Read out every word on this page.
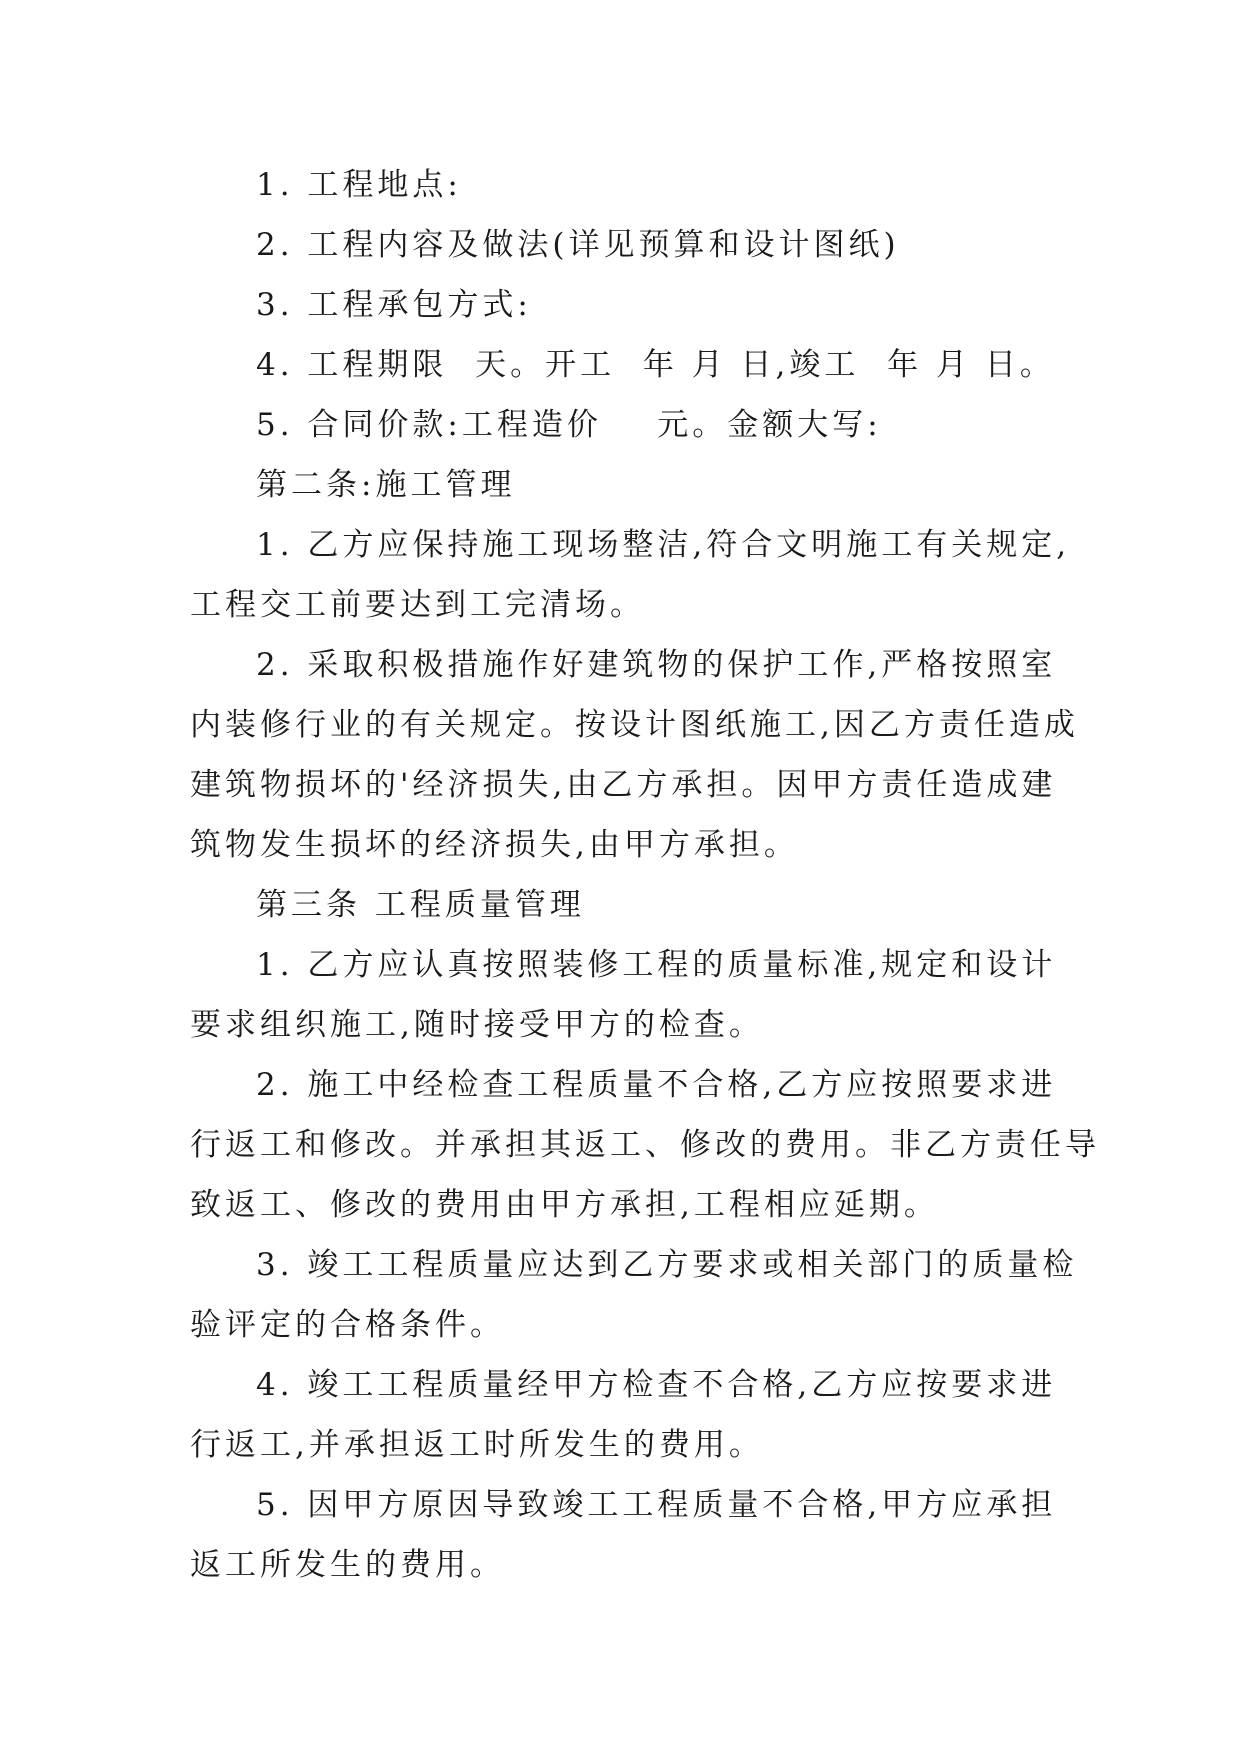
1. 工程地点:
2. 工程内容及做法(详见预算和设计图纸)
3. 工程承包方式:
4. 工程期限  天。开工  年 月 日,竣工  年 月 日。
5. 合同价款:工程造价    元。金额大写:
第二条:施工管理
1. 乙方应保持施工现场整洁,符合文明施工有关规定,
工程交工前要达到工完清场。
2. 采取积极措施作好建筑物的保护工作,严格按照室
内装修行业的有关规定。按设计图纸施工,因乙方责任造成
建筑物损坏的'经济损失,由乙方承担。因甲方责任造成建
筑物发生损坏的经济损失,由甲方承担。
第三条 工程质量管理
1. 乙方应认真按照装修工程的质量标准,规定和设计
要求组织施工,随时接受甲方的检查。
2. 施工中经检查工程质量不合格,乙方应按照要求进
行返工和修改。并承担其返工、修改的费用。非乙方责任导
致返工、修改的费用由甲方承担,工程相应延期。
3. 竣工工程质量应达到乙方要求或相关部门的质量检
验评定的合格条件。
4. 竣工工程质量经甲方检查不合格,乙方应按要求进
行返工,并承担返工时所发生的费用。
5. 因甲方原因导致竣工工程质量不合格,甲方应承担
返工所发生的费用。
